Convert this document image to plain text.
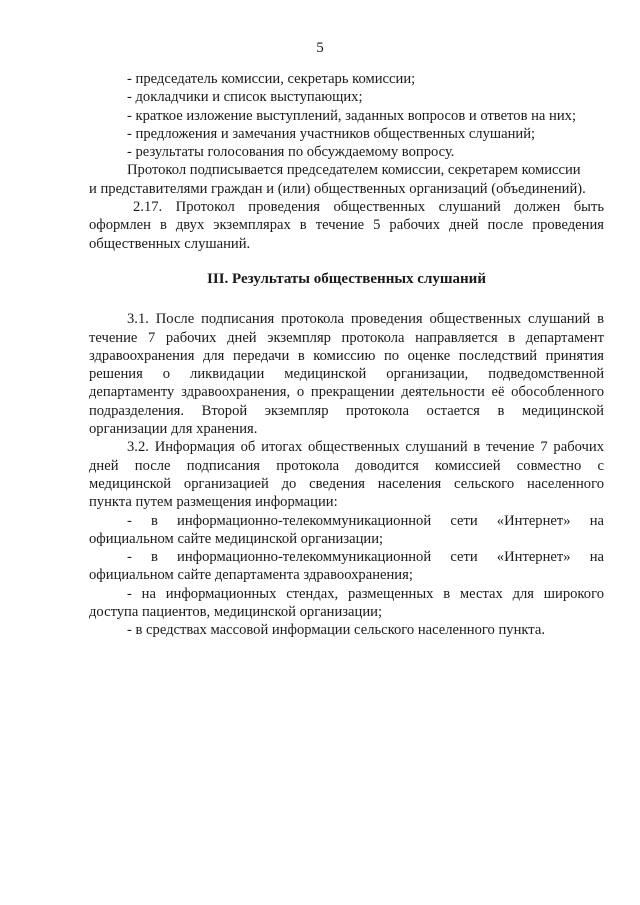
5

- председатель комиссии, секретарь комиссии;

- докладчики и список выступающих;

- краткое изложение выступлений, заданных вопросов и ответов на них;

- предложения и замечания участников общественных слушаний;

- результаты голосования по обсуждаемому вопросу.

Протокол подписывается председателем комиссии, секретарем комиссии

и представителями граждан и (или) общественных организаций (объединений).

2.17. Протокол проведения общественных слушаний должен быть

оформлен в двух экземплярах в течение 5 рабочих дней после проведения

общественных слушаний.

III. Результаты общественных слушаний

3.1. После подписания протокола проведения общественных слушаний в

течение 7 рабочих дней экземпляр протокола направляется в департамент

здравоохранения для передачи в комиссию по оценке последствий принятия

решения о ликвидации медицинской организации, подведомственной

департаменту здравоохранения, о прекращении деятельности её обособленного

подразделения. Второй экземпляр протокола остается в медицинской

организации для хранения.

3.2. Информация об итогах общественных слушаний в течение 7 рабочих

дней после подписания протокола доводится комиссией совместно с

медицинской организацией до сведения населения сельского населенного

пункта путем размещения информации:

- в информационно-телекоммуникационной сети «Интернет» на

официальном сайте медицинской организации;

- в информационно-телекоммуникационной сети «Интернет» на

официальном сайте департамента здравоохранения;

- на информационных стендах, размещенных в местах для широкого

доступа пациентов, медицинской организации;

- в средствах массовой информации сельского населенного пункта.
